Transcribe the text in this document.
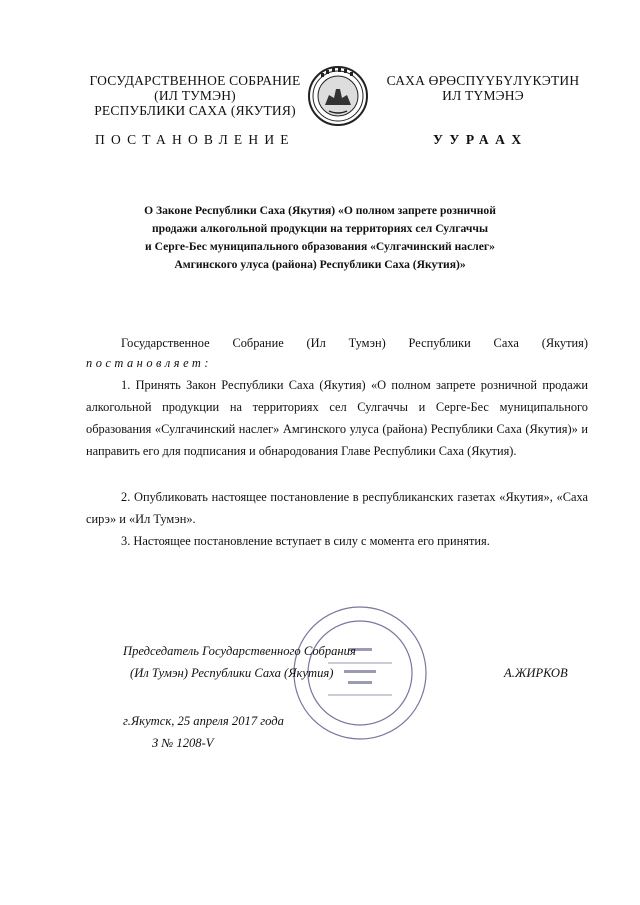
ГОСУДАРСТВЕННОЕ СОБРАНИЕ
(ИЛ ТУМЭН)
РЕСПУБЛИКИ САХА (ЯКУТИЯ)
САХА ӨРӨСПҮҮБҮЛҮКЭТИН
ИЛ ТҮМЭНЭ
ПОСТАНОВЛЕНИЕ	УУРААХ
О Законе Республики Саха (Якутия) «О полном запрете розничной
продажи алкогольной продукции на территориях сел Сулгаччы
и Серге-Бес муниципального образования «Сулгачинский наслег»
Амгинского улуса (района) Республики Саха (Якутия)»
Государственное Собрание (Ил Тумэн) Республики Саха (Якутия)
постановляет:
1. Принять Закон Республики Саха (Якутия) «О полном запрете розничной продажи алкогольной продукции на территориях сел Сулгаччы и Серге-Бес муниципального образования «Сулгачинский наслег» Амгинского улуса (района) Республики Саха (Якутия)» и направить его для подписания и обнародования Главе Республики Саха (Якутия).
2. Опубликовать настоящее постановление в республиканских газетах «Якутия», «Саха сирэ» и «Ил Тумэн».
3. Настоящее постановление вступает в силу с момента его принятия.
Председатель Государственного Собрания
(Ил Тумэн) Республики Саха (Якутия)	А.ЖИРКОВ
г.Якутск, 25 апреля 2017 года
З № 1208-V
